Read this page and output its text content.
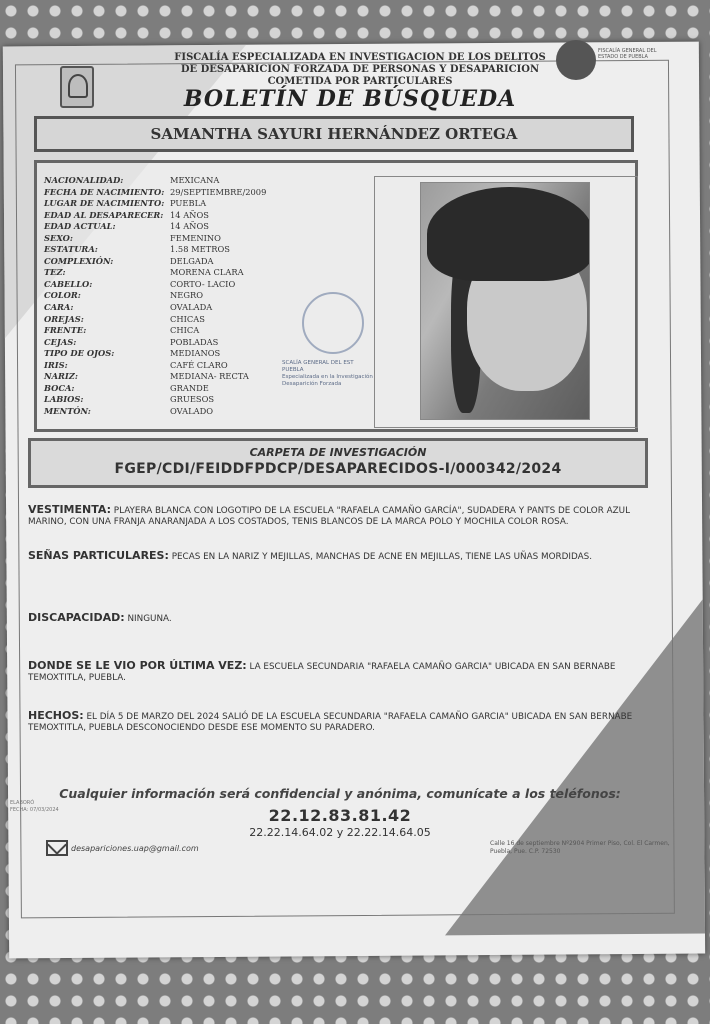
FISCALÍA GENERAL DEL ESTADO DE PUEBLA
FISCALÍA ESPECIALIZADA EN INVESTIGACION DE LOS DELITOS
DE DESAPARICION FORZADA DE PERSONAS Y DESAPARICION
COMETIDA POR PARTICULARES
BOLETÍN DE BÚSQUEDA
SAMANTHA SAYURI HERNÁNDEZ ORTEGA
NACIONALIDAD:	MEXICANA
FECHA DE NACIMIENTO: 29/SEPTIEMBRE/2009
LUGAR DE NACIMIENTO: PUEBLA
EDAD AL DESAPARECER: 14 AÑOS
EDAD ACTUAL:	14 AÑOS
SEXO:	FEMENINO
ESTATURA:	1.58 METROS
COMPLEXIÓN:	DELGADA
TEZ:	MORENA CLARA
CABELLO:	CORTO- LACIO
COLOR:	NEGRO
CARA:	OVALADA
OREJAS:	CHICAS
FRENTE:	CHICA
CEJAS:	POBLADAS
TIPO DE OJOS:	MEDIANOS
IRIS:	CAFÉ CLARO
NARIZ:	MEDIANA- RECTA
BOCA:	GRANDE
LABIOS:	GRUESOS
MENTÓN:	OVALADO
SCALÍA GENERAL DEL EST
PUEBLA
Especializada en la Investigación
Desaparición Forzada
CARPETA DE INVESTIGACIÓN
FGEP/CDI/FEIDDFPDCP/DESAPARECIDOS-I/000342/2024
VESTIMENTA: PLAYERA BLANCA CON LOGOTIPO DE LA ESCUELA "RAFAELA CAMAÑO GARCÍA", SUDADERA Y PANTS DE COLOR AZUL MARINO, CON UNA FRANJA ANARANJADA A LOS COSTADOS, TENIS BLANCOS DE LA MARCA POLO Y MOCHILA COLOR ROSA.
SEÑAS PARTICULARES: PECAS EN LA NARIZ Y MEJILLAS, MANCHAS DE ACNE EN MEJILLAS, TIENE LAS UÑAS MORDIDAS.
DISCAPACIDAD: NINGUNA.
DONDE SE LE VIO POR ÚLTIMA VEZ: LA ESCUELA SECUNDARIA "RAFAELA CAMAÑO GARCIA" UBICADA EN SAN BERNABE TEMOXTITLA, PUEBLA.
HECHOS: EL DÍA 5 DE MARZO DEL 2024 SALIÓ DE LA ESCUELA SECUNDARIA "RAFAELA CAMAÑO GARCIA" UBICADA EN SAN BERNABE TEMOXTITLA, PUEBLA DESCONOCIENDO DESDE ESE MOMENTO SU PARADERO.
ELABORÓ
FECHA: 07/03/2024
Cualquier información será confidencial y anónima, comunícate a los teléfonos:
22.12.83.81.42
22.22.14.64.02 y 22.22.14.64.05
desapariciones.uap@gmail.com	Calle 16 de septiembre Nº2904 Primer Piso, Col. El Carmen, Puebla, Pue. C.P. 72530
